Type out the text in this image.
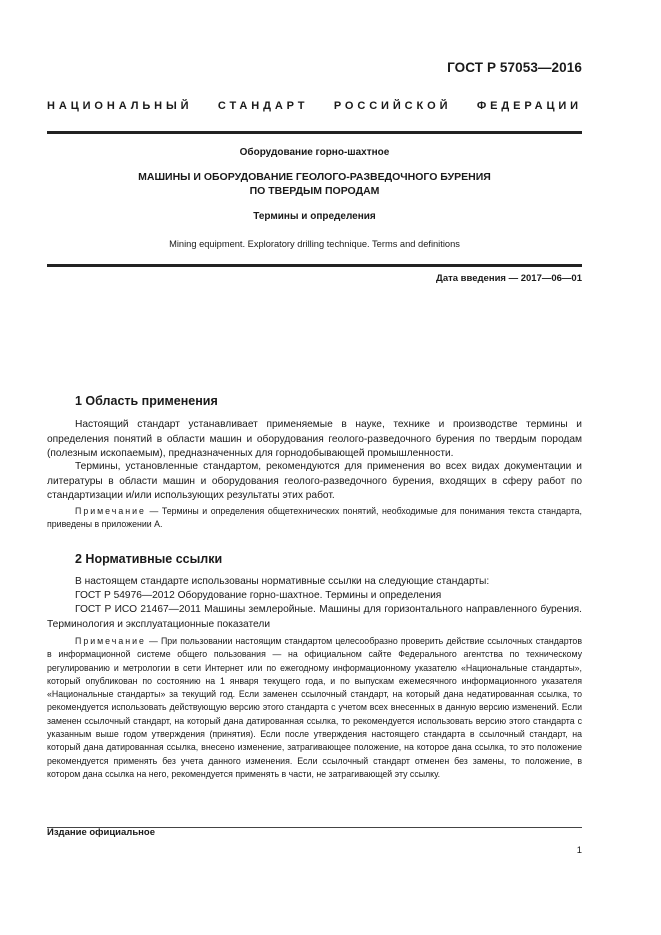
ГОСТ Р 57053—2016
НАЦИОНАЛЬНЫЙ СТАНДАРТ РОССИЙСКОЙ ФЕДЕРАЦИИ
Оборудование горно-шахтное
МАШИНЫ И ОБОРУДОВАНИЕ ГЕОЛОГО-РАЗВЕДОЧНОГО БУРЕНИЯ
ПО ТВЕРДЫМ ПОРОДАМ
Термины и определения
Mining equipment. Exploratory drilling technique. Terms and definitions
Дата введения — 2017—06—01
1 Область применения

Настоящий стандарт устанавливает применяемые в науке, технике и производстве термины и определения понятий в области машин и оборудования геолого-разведочного бурения по твердым породам (полезным ископаемым), предназначенных для горнодобывающей промышленности.

Термины, установленные стандартом, рекомендуются для применения во всех видах документации и литературы в области машин и оборудования геолого-разведочного бурения, входящих в сферу работ по стандартизации и/или использующих результаты этих работ.

Примечание — Термины и определения общетехнических понятий, необходимые для понимания текста стандарта, приведены в приложении А.

2 Нормативные ссылки

В настоящем стандарте использованы нормативные ссылки на следующие стандарты:

ГОСТ Р 54976—2012 Оборудование горно-шахтное. Термины и определения

ГОСТ Р ИСО 21467—2011 Машины землеройные. Машины для горизонтального направленного бурения. Терминология и эксплуатационные показатели

Примечание — При пользовании настоящим стандартом целесообразно проверить действие ссылочных стандартов в информационной системе общего пользования — на официальном сайте Федерального агентства по техническому регулированию и метрологии в сети Интернет или по ежегодному информационному указателю «Национальные стандарты», который опубликован по состоянию на 1 января текущего года, и по выпускам ежемесячного информационного указателя «Национальные стандарты» за текущий год. Если заменен ссылочный стандарт, на который дана недатированная ссылка, то рекомендуется использовать действующую версию этого стандарта с учетом всех внесенных в данную версию изменений. Если заменен ссылочный стандарт, на который дана датированная ссылка, то рекомендуется использовать версию этого стандарта с указанным выше годом утверждения (принятия). Если после утверждения настоящего стандарта в ссылочный стандарт, на который дана датированная ссылка, внесено изменение, затрагивающее положение, на которое дана ссылка, то это положение рекомендуется применять без учета данного изменения. Если ссылочный стандарт отменен без замены, то положение, в котором дана ссылка на него, рекомендуется применять в части, не затрагивающей эту ссылку.

Издание официальное
1
